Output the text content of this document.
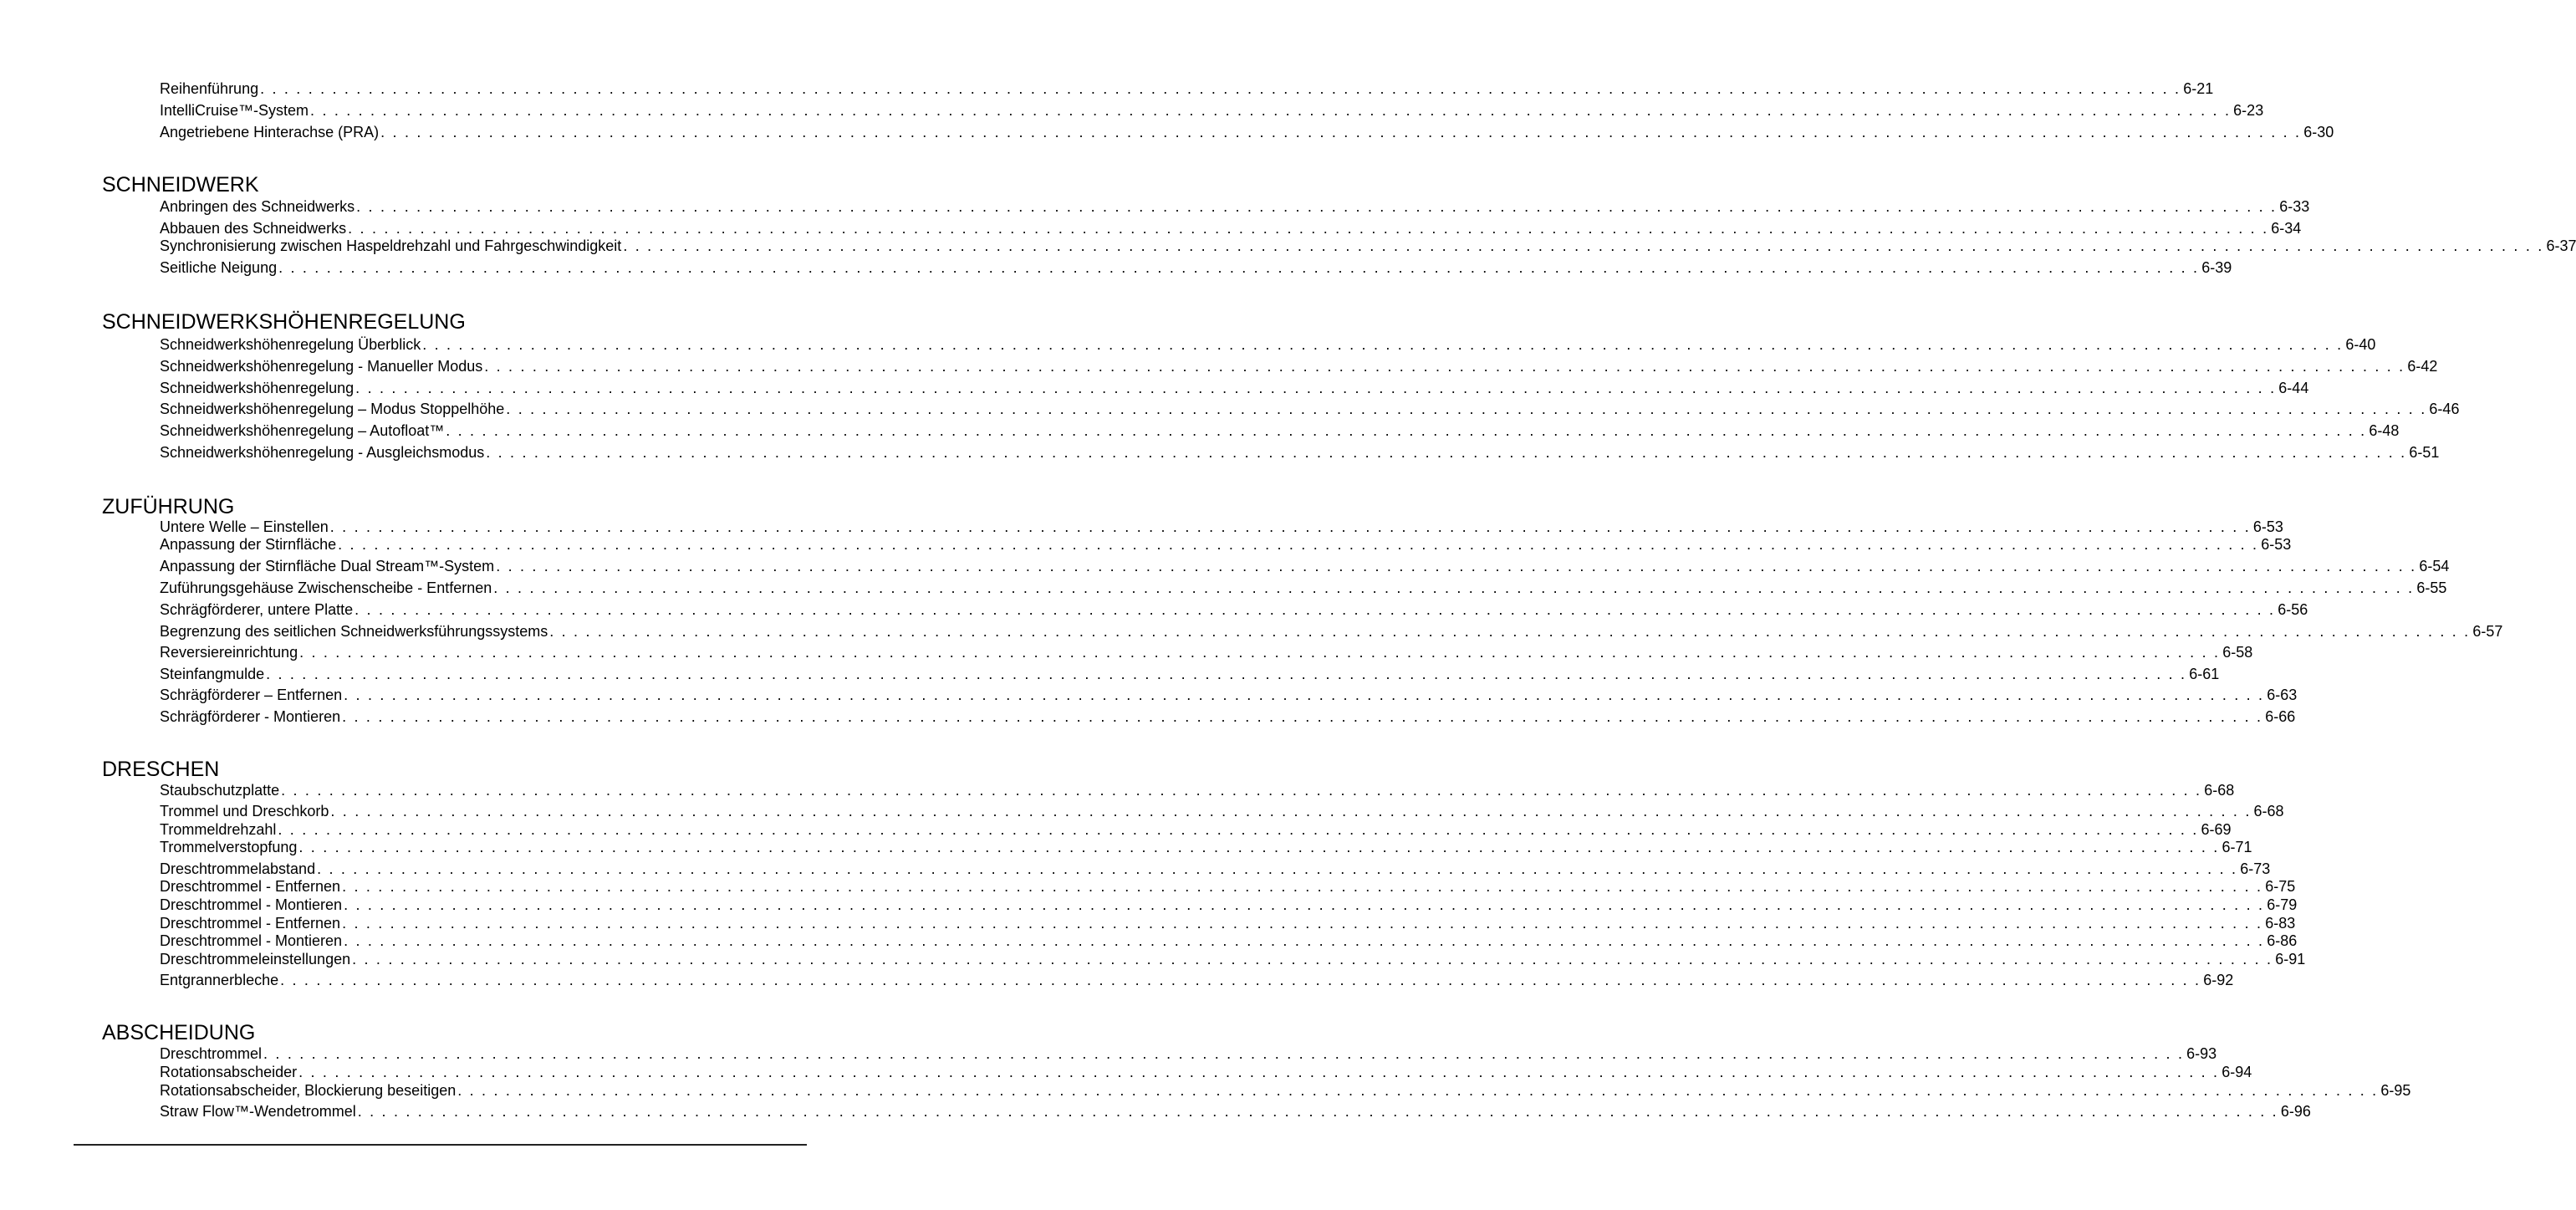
Reihenführung . . . . . . . . . . . . . . . . . . . . . . . . . . . . . . . . . . . . . . . . . . . . . . . . . . . . . . . . . . . . . . . . . . . . . . . . . . . . . . . . . . . . . . . . . . . . . . . . . . . . . . . . . . . . . . . . . . . . . . . . . . . . . . . . . . . . . . . . . . . . . . . . . . . . . . . . . . . . . . . . 6-21
IntelliCruise™-System . . . . . . . . . . . . . . . . . . . . . . . . . . . . . . . . . . . . . . . . . . . . . . . . . . . . . . . . . . . . . . . . . . . . . . . . . . . . . . . . . . . . . . . . . . . . . . . . . . . . . . . . . . . . . . . . . . . . . . . . . . . . . . . . . . . . . . . . . . . . . . . . . . . . . . . . . . . . . . . . 6-23
Angetriebene Hinterachse (PRA) . . . . . . . . . . . . . . . . . . . . . . . . . . . . . . . . . . . . . . . . . . . . . . . . . . . . . . . . . . . . . . . . . . . . . . . . . . . . . . . . . . . . . . . . . . . . . . . . . . . . . . . . . . . . . . . . . . . . . . . . . . . . . . . . . . . . . . . . . . . . . . . . . . . . . . . . . . . . . . . . 6-30
SCHNEIDWERK
Anbringen des Schneidwerks . . . . . . . . . . . . . . . . . . . . . . . . . . . . . . . . . . . . . . . . . . . . . . . . . . . . . . . . . . . . . . . . . . . . . . . . . . . . . . . . . . . . . . . . . . . . . . . . . . . . . . . . . . . . . . . . . . . . . . . . . . . . . . . . . . . . . . . . . . . . . . . . . . . . . . . . . . . . . . . . 6-33
Abbauen des Schneidwerks . . . . . . . . . . . . . . . . . . . . . . . . . . . . . . . . . . . . . . . . . . . . . . . . . . . . . . . . . . . . . . . . . . . . . . . . . . . . . . . . . . . . . . . . . . . . . . . . . . . . . . . . . . . . . . . . . . . . . . . . . . . . . . . . . . . . . . . . . . . . . . . . . . . . . . . . . . . . . . . . 6-34
Synchronisierung zwischen Haspeldrehzahl und Fahrgeschwindigkeit . . . . . . . . . . . . . . . . . . . . . . . . . . . . . . . . . . . . . . . . . . . . . . . . . . . . . . . . . . . . . . . . . . . . . . . . . . . . . . . . . . . . . . . . . . . . . . . . . . . . . . . . . . . . . . . . . . . . . . . . . . . . . . . . . . . . . . . . . . . . . . . . . . . . . . . . . . . . . . . . 6-37
Seitliche Neigung . . . . . . . . . . . . . . . . . . . . . . . . . . . . . . . . . . . . . . . . . . . . . . . . . . . . . . . . . . . . . . . . . . . . . . . . . . . . . . . . . . . . . . . . . . . . . . . . . . . . . . . . . . . . . . . . . . . . . . . . . . . . . . . . . . . . . . . . . . . . . . . . . . . . . . . . . . . . . . . . 6-39
SCHNEIDWERKSHÖHENREGELUNG
Schneidwerkshöhenregelung Überblick . . . . . . . . . . . . . . . . . . . . . . . . . . . . . . . . . . . . . . . . . . . . . . . . . . . . . . . . . . . . . . . . . . . . . . . . . . . . . . . . . . . . . . . . . . . . . . . . . . . . . . . . . . . . . . . . . . . . . . . . . . . . . . . . . . . . . . . . . . . . . . . . . . . . . . . . . . . . . . . . 6-40
Schneidwerkshöhenregelung - Manueller Modus . . . . . . . . . . . . . . . . . . . . . . . . . . . . . . . . . . . . . . . . . . . . . . . . . . . . . . . . . . . . . . . . . . . . . . . . . . . . . . . . . . . . . . . . . . . . . . . . . . . . . . . . . . . . . . . . . . . . . . . . . . . . . . . . . . . . . . . . . . . . . . . . . . . . . . . . . . . . . . . . 6-42
Schneidwerkshöhenregelung . . . . . . . . . . . . . . . . . . . . . . . . . . . . . . . . . . . . . . . . . . . . . . . . . . . . . . . . . . . . . . . . . . . . . . . . . . . . . . . . . . . . . . . . . . . . . . . . . . . . . . . . . . . . . . . . . . . . . . . . . . . . . . . . . . . . . . . . . . . . . . . . . . . . . . . . . . . . . . . . 6-44
Schneidwerkshöhenregelung – Modus Stoppelhöhe . . . . . . . . . . . . . . . . . . . . . . . . . . . . . . . . . . . . . . . . . . . . . . . . . . . . . . . . . . . . . . . . . . . . . . . . . . . . . . . . . . . . . . . . . . . . . . . . . . . . . . . . . . . . . . . . . . . . . . . . . . . . . . . . . . . . . . . . . . . . . . . . . . . . . . . . . . . . . . . . 6-46
Schneidwerkshöhenregelung – Autofloat™ . . . . . . . . . . . . . . . . . . . . . . . . . . . . . . . . . . . . . . . . . . . . . . . . . . . . . . . . . . . . . . . . . . . . . . . . . . . . . . . . . . . . . . . . . . . . . . . . . . . . . . . . . . . . . . . . . . . . . . . . . . . . . . . . . . . . . . . . . . . . . . . . . . . . . . . . . . . . . . . . 6-48
Schneidwerkshöhenregelung - Ausgleichsmodus . . . . . . . . . . . . . . . . . . . . . . . . . . . . . . . . . . . . . . . . . . . . . . . . . . . . . . . . . . . . . . . . . . . . . . . . . . . . . . . . . . . . . . . . . . . . . . . . . . . . . . . . . . . . . . . . . . . . . . . . . . . . . . . . . . . . . . . . . . . . . . . . . . . . . . . . . . . . . . . . 6-51
ZUFÜHRUNG
Untere Welle – Einstellen . . . . . . . . . . . . . . . . . . . . . . . . . . . . . . . . . . . . . . . . . . . . . . . . . . . . . . . . . . . . . . . . . . . . . . . . . . . . . . . . . . . . . . . . . . . . . . . . . . . . . . . . . . . . . . . . . . . . . . . . . . . . . . . . . . . . . . . . . . . . . . . . . . . . . . . . . . . . . . . . 6-53
Anpassung der Stirnfläche . . . . . . . . . . . . . . . . . . . . . . . . . . . . . . . . . . . . . . . . . . . . . . . . . . . . . . . . . . . . . . . . . . . . . . . . . . . . . . . . . . . . . . . . . . . . . . . . . . . . . . . . . . . . . . . . . . . . . . . . . . . . . . . . . . . . . . . . . . . . . . . . . . . . . . . . . . . . . . . . 6-53
Anpassung der Stirnfläche Dual Stream™-System . . . . . . . . . . . . . . . . . . . . . . . . . . . . . . . . . . . . . . . . . . . . . . . . . . . . . . . . . . . . . . . . . . . . . . . . . . . . . . . . . . . . . . . . . . . . . . . . . . . . . . . . . . . . . . . . . . . . . . . . . . . . . . . . . . . . . . . . . . . . . . . . . . . . . . . . . . . . . . . . 6-54
Zuführungsgehäuse Zwischenscheibe - Entfernen . . . . . . . . . . . . . . . . . . . . . . . . . . . . . . . . . . . . . . . . . . . . . . . . . . . . . . . . . . . . . . . . . . . . . . . . . . . . . . . . . . . . . . . . . . . . . . . . . . . . . . . . . . . . . . . . . . . . . . . . . . . . . . . . . . . . . . . . . . . . . . . . . . . . . . . . . . . . . . . . 6-55
Schrägförderer, untere Platte . . . . . . . . . . . . . . . . . . . . . . . . . . . . . . . . . . . . . . . . . . . . . . . . . . . . . . . . . . . . . . . . . . . . . . . . . . . . . . . . . . . . . . . . . . . . . . . . . . . . . . . . . . . . . . . . . . . . . . . . . . . . . . . . . . . . . . . . . . . . . . . . . . . . . . . . . . . . . . . . 6-56
Begrenzung des seitlichen Schneidwerksführungssystems . . . . . . . . . . . . . . . . . . . . . . . . . . . . . . . . . . . . . . . . . . . . . . . . . . . . . . . . . . . . . . . . . . . . . . . . . . . . . . . . . . . . . . . . . . . . . . . . . . . . . . . . . . . . . . . . . . . . . . . . . . . . . . . . . . . . . . . . . . . . . . . . . . . . . . . . . . . . . . . . 6-57
Reversiereinrichtung . . . . . . . . . . . . . . . . . . . . . . . . . . . . . . . . . . . . . . . . . . . . . . . . . . . . . . . . . . . . . . . . . . . . . . . . . . . . . . . . . . . . . . . . . . . . . . . . . . . . . . . . . . . . . . . . . . . . . . . . . . . . . . . . . . . . . . . . . . . . . . . . . . . . . . . . . . . . . . . . 6-58
Steinfangmulde . . . . . . . . . . . . . . . . . . . . . . . . . . . . . . . . . . . . . . . . . . . . . . . . . . . . . . . . . . . . . . . . . . . . . . . . . . . . . . . . . . . . . . . . . . . . . . . . . . . . . . . . . . . . . . . . . . . . . . . . . . . . . . . . . . . . . . . . . . . . . . . . . . . . . . . . . . . . . . . . 6-61
Schrägförderer – Entfernen . . . . . . . . . . . . . . . . . . . . . . . . . . . . . . . . . . . . . . . . . . . . . . . . . . . . . . . . . . . . . . . . . . . . . . . . . . . . . . . . . . . . . . . . . . . . . . . . . . . . . . . . . . . . . . . . . . . . . . . . . . . . . . . . . . . . . . . . . . . . . . . . . . . . . . . . . . . . . . . . 6-63
Schrägförderer - Montieren . . . . . . . . . . . . . . . . . . . . . . . . . . . . . . . . . . . . . . . . . . . . . . . . . . . . . . . . . . . . . . . . . . . . . . . . . . . . . . . . . . . . . . . . . . . . . . . . . . . . . . . . . . . . . . . . . . . . . . . . . . . . . . . . . . . . . . . . . . . . . . . . . . . . . . . . . . . . . . . . 6-66
DRESCHEN
Staubschutzplatte . . . . . . . . . . . . . . . . . . . . . . . . . . . . . . . . . . . . . . . . . . . . . . . . . . . . . . . . . . . . . . . . . . . . . . . . . . . . . . . . . . . . . . . . . . . . . . . . . . . . . . . . . . . . . . . . . . . . . . . . . . . . . . . . . . . . . . . . . . . . . . . . . . . . . . . . . . . . . . . . 6-68
Trommel und Dreschkorb . . . . . . . . . . . . . . . . . . . . . . . . . . . . . . . . . . . . . . . . . . . . . . . . . . . . . . . . . . . . . . . . . . . . . . . . . . . . . . . . . . . . . . . . . . . . . . . . . . . . . . . . . . . . . . . . . . . . . . . . . . . . . . . . . . . . . . . . . . . . . . . . . . . . . . . . . . . . . . . . 6-68
Trommeldrehzahl . . . . . . . . . . . . . . . . . . . . . . . . . . . . . . . . . . . . . . . . . . . . . . . . . . . . . . . . . . . . . . . . . . . . . . . . . . . . . . . . . . . . . . . . . . . . . . . . . . . . . . . . . . . . . . . . . . . . . . . . . . . . . . . . . . . . . . . . . . . . . . . . . . . . . . . . . . . . . . . . 6-69
Trommelverstopfung . . . . . . . . . . . . . . . . . . . . . . . . . . . . . . . . . . . . . . . . . . . . . . . . . . . . . . . . . . . . . . . . . . . . . . . . . . . . . . . . . . . . . . . . . . . . . . . . . . . . . . . . . . . . . . . . . . . . . . . . . . . . . . . . . . . . . . . . . . . . . . . . . . . . . . . . . . . . . . . . 6-71
Dreschtrommelabstand . . . . . . . . . . . . . . . . . . . . . . . . . . . . . . . . . . . . . . . . . . . . . . . . . . . . . . . . . . . . . . . . . . . . . . . . . . . . . . . . . . . . . . . . . . . . . . . . . . . . . . . . . . . . . . . . . . . . . . . . . . . . . . . . . . . . . . . . . . . . . . . . . . . . . . . . . . . . . . . . 6-73
Dreschtrommel - Entfernen . . . . . . . . . . . . . . . . . . . . . . . . . . . . . . . . . . . . . . . . . . . . . . . . . . . . . . . . . . . . . . . . . . . . . . . . . . . . . . . . . . . . . . . . . . . . . . . . . . . . . . . . . . . . . . . . . . . . . . . . . . . . . . . . . . . . . . . . . . . . . . . . . . . . . . . . . . . . . . . . 6-75
Dreschtrommel - Montieren . . . . . . . . . . . . . . . . . . . . . . . . . . . . . . . . . . . . . . . . . . . . . . . . . . . . . . . . . . . . . . . . . . . . . . . . . . . . . . . . . . . . . . . . . . . . . . . . . . . . . . . . . . . . . . . . . . . . . . . . . . . . . . . . . . . . . . . . . . . . . . . . . . . . . . . . . . . . . . . . 6-79
Dreschtrommel - Entfernen . . . . . . . . . . . . . . . . . . . . . . . . . . . . . . . . . . . . . . . . . . . . . . . . . . . . . . . . . . . . . . . . . . . . . . . . . . . . . . . . . . . . . . . . . . . . . . . . . . . . . . . . . . . . . . . . . . . . . . . . . . . . . . . . . . . . . . . . . . . . . . . . . . . . . . . . . . . . . . . . 6-83
Dreschtrommel - Montieren . . . . . . . . . . . . . . . . . . . . . . . . . . . . . . . . . . . . . . . . . . . . . . . . . . . . . . . . . . . . . . . . . . . . . . . . . . . . . . . . . . . . . . . . . . . . . . . . . . . . . . . . . . . . . . . . . . . . . . . . . . . . . . . . . . . . . . . . . . . . . . . . . . . . . . . . . . . . . . . . 6-86
Dreschtrommeleinstellungen . . . . . . . . . . . . . . . . . . . . . . . . . . . . . . . . . . . . . . . . . . . . . . . . . . . . . . . . . . . . . . . . . . . . . . . . . . . . . . . . . . . . . . . . . . . . . . . . . . . . . . . . . . . . . . . . . . . . . . . . . . . . . . . . . . . . . . . . . . . . . . . . . . . . . . . . . . . . . . . . 6-91
Entgrannerbleche . . . . . . . . . . . . . . . . . . . . . . . . . . . . . . . . . . . . . . . . . . . . . . . . . . . . . . . . . . . . . . . . . . . . . . . . . . . . . . . . . . . . . . . . . . . . . . . . . . . . . . . . . . . . . . . . . . . . . . . . . . . . . . . . . . . . . . . . . . . . . . . . . . . . . . . . . . . . . . . . 6-92
ABSCHEIDUNG
Dreschtrommel . . . . . . . . . . . . . . . . . . . . . . . . . . . . . . . . . . . . . . . . . . . . . . . . . . . . . . . . . . . . . . . . . . . . . . . . . . . . . . . . . . . . . . . . . . . . . . . . . . . . . . . . . . . . . . . . . . . . . . . . . . . . . . . . . . . . . . . . . . . . . . . . . . . . . . . . . . . . . . . . 6-93
Rotationsabscheider . . . . . . . . . . . . . . . . . . . . . . . . . . . . . . . . . . . . . . . . . . . . . . . . . . . . . . . . . . . . . . . . . . . . . . . . . . . . . . . . . . . . . . . . . . . . . . . . . . . . . . . . . . . . . . . . . . . . . . . . . . . . . . . . . . . . . . . . . . . . . . . . . . . . . . . . . . . . . . . . 6-94
Rotationsabscheider, Blockierung beseitigen . . . . . . . . . . . . . . . . . . . . . . . . . . . . . . . . . . . . . . . . . . . . . . . . . . . . . . . . . . . . . . . . . . . . . . . . . . . . . . . . . . . . . . . . . . . . . . . . . . . . . . . . . . . . . . . . . . . . . . . . . . . . . . . . . . . . . . . . . . . . . . . . . . . . . . . . . . . . . . . . 6-95
Straw Flow™-Wendetrommel . . . . . . . . . . . . . . . . . . . . . . . . . . . . . . . . . . . . . . . . . . . . . . . . . . . . . . . . . . . . . . . . . . . . . . . . . . . . . . . . . . . . . . . . . . . . . . . . . . . . . . . . . . . . . . . . . . . . . . . . . . . . . . . . . . . . . . . . . . . . . . . . . . . . . . . . . . . . . . . . 6-96
